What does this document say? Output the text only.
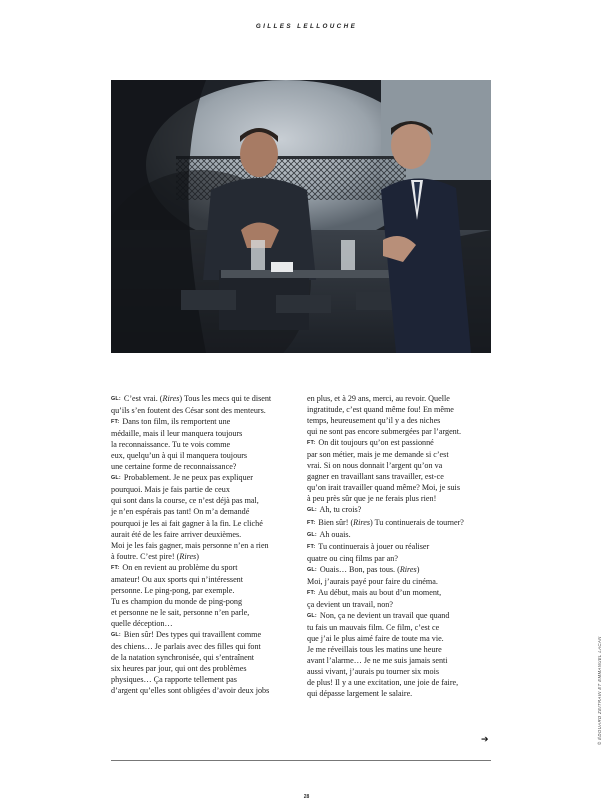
GILLES LELLOUCHE

GL: C’est vrai. (Rires) Tous les mecs qui te disent

qu’ils s’en foutent des César sont des menteurs.

FT: Dans ton film, ils remportent une

médaille, mais il leur manquera toujours

la reconnaissance. Tu te vois comme

eux, quelqu’un à qui il manquera toujours

une certaine forme de reconnaissance?

GL: Probablement. Je ne peux pas expliquer

pourquoi. Mais je fais partie de ceux

qui sont dans la course, ce n’est déjà pas mal,

je n’en espérais pas tant! On m’a demandé

pourquoi je les ai fait gagner à la fin. Le cliché

aurait été de les faire arriver deuxièmes.

Moi je les fais gagner, mais personne n’en a rien

à foutre. C’est pire! (Rires)

FT: On en revient au problème du sport

amateur! Ou aux sports qui n’intéressent

personne. Le ping-pong, par exemple.

Tu es champion du monde de ping-pong

et personne ne le sait, personne n’en parle,

quelle déception…

GL: Bien sûr! Des types qui travaillent comme

des chiens… Je parlais avec des filles qui font

de la natation synchronisée, qui s’entraînent

six heures par jour, qui ont des problèmes

physiques… Ça rapporte tellement pas

d’argent qu’elles sont obligées d’avoir deux jobs

en plus, et à 29 ans, merci, au revoir. Quelle

ingratitude, c’est quand même fou! En même

temps, heureusement qu’il y a des niches

qui ne sont pas encore submergées par l’argent.

FT: On dit toujours qu’on est passionné

par son métier, mais je me demande si c’est

vrai. Si on nous donnait l’argent qu’on va

gagner en travaillant sans travailler, est-ce

qu’on irait travailler quand même? Moi, je suis

à peu près sûr que je ne ferais plus rien!

GL: Ah, tu crois?

FT: Bien sûr! (Rires) Tu continuerais de tourner?

GL: Ah ouais.

FT: Tu continuerais à jouer ou réaliser

quatre ou cinq films par an?

GL: Ouais… Bon, pas tous. (Rires)

Moi, j’aurais payé pour faire du cinéma.

FT: Au début, mais au bout d’un moment,

ça devient un travail, non?

GL: Non, ça ne devient un travail que quand

tu fais un mauvais film. Ce film, c’est ce

que j’ai le plus aimé faire de toute ma vie.

Je me réveillais tous les matins une heure

avant l’alarme… Je ne me suis jamais senti

aussi vivant, j’aurais pu tourner six mois

de plus! Il y a une excitation, une joie de faire,

qui dépasse largement le salaire.

➔
28
© ÉDOUARD ZEITRAIN ET EMMANUEL LACAN
